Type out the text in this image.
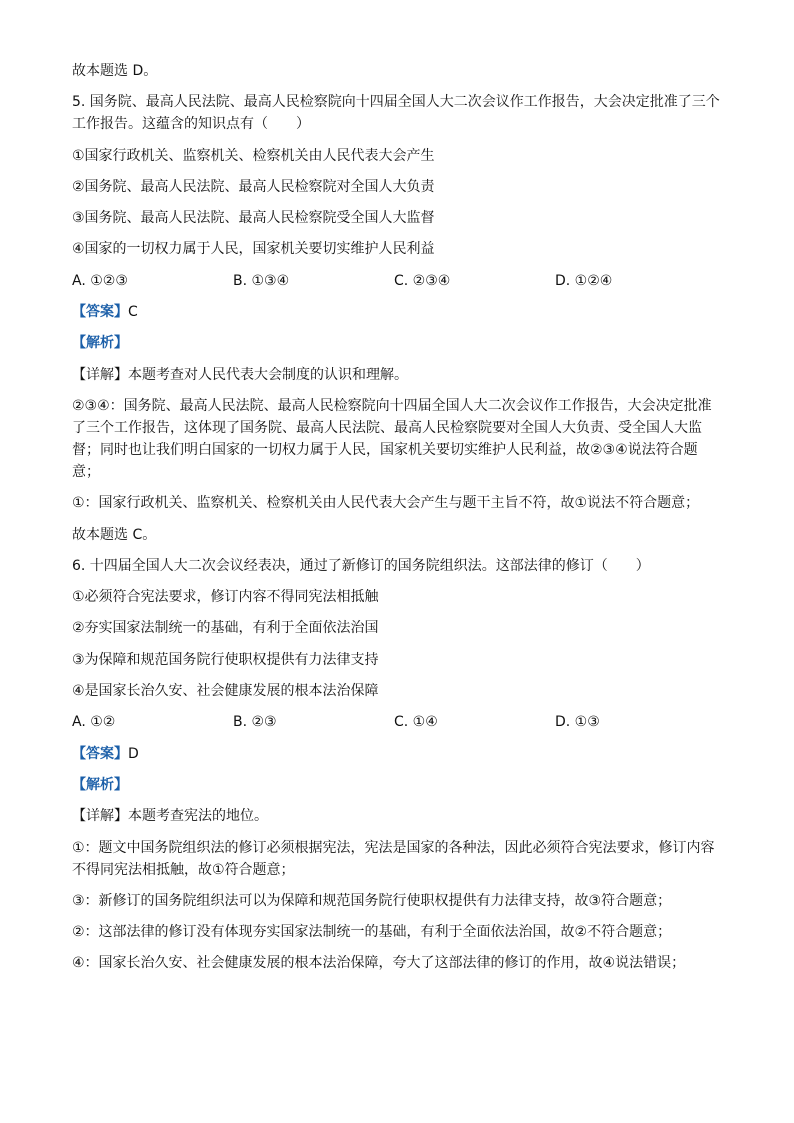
故本题选 D。
5. 国务院、最高人民法院、最高人民检察院向十四届全国人大二次会议作工作报告，大会决定批准了三个工作报告。这蕴含的知识点有（　　）
①国家行政机关、监察机关、检察机关由人民代表大会产生
②国务院、最高人民法院、最高人民检察院对全国人大负责
③国务院、最高人民法院、最高人民检察院受全国人大监督
④国家的一切权力属于人民，国家机关要切实维护人民利益
A. ①②③	B. ①③④	C. ②③④	D. ①②④
【答案】C
【解析】
【详解】本题考查对人民代表大会制度的认识和理解。
②③④：国务院、最高人民法院、最高人民检察院向十四届全国人大二次会议作工作报告，大会决定批准了三个工作报告，这体现了国务院、最高人民法院、最高人民检察院要对全国人大负责、受全国人大监督；同时也让我们明白国家的一切权力属于人民，国家机关要切实维护人民利益，故②③④说法符合题意；
①：国家行政机关、监察机关、检察机关由人民代表大会产生与题干主旨不符，故①说法不符合题意；
故本题选 C。
6. 十四届全国人大二次会议经表决，通过了新修订的国务院组织法。这部法律的修订（　　）
①必须符合宪法要求，修订内容不得同宪法相抵触
②夯实国家法制统一的基础，有利于全面依法治国
③为保障和规范国务院行使职权提供有力法律支持
④是国家长治久安、社会健康发展的根本法治保障
A. ①②	B. ②③	C. ①④	D. ①③
【答案】D
【解析】
【详解】本题考查宪法的地位。
①：题文中国务院组织法的修订必须根据宪法，宪法是国家的各种法，因此必须符合宪法要求，修订内容不得同宪法相抵触，故①符合题意；
③：新修订的国务院组织法可以为保障和规范国务院行使职权提供有力法律支持，故③符合题意；
②：这部法律的修订没有体现夯实国家法制统一的基础，有利于全面依法治国，故②不符合题意；
④：国家长治久安、社会健康发展的根本法治保障，夸大了这部法律的修订的作用，故④说法错误；
